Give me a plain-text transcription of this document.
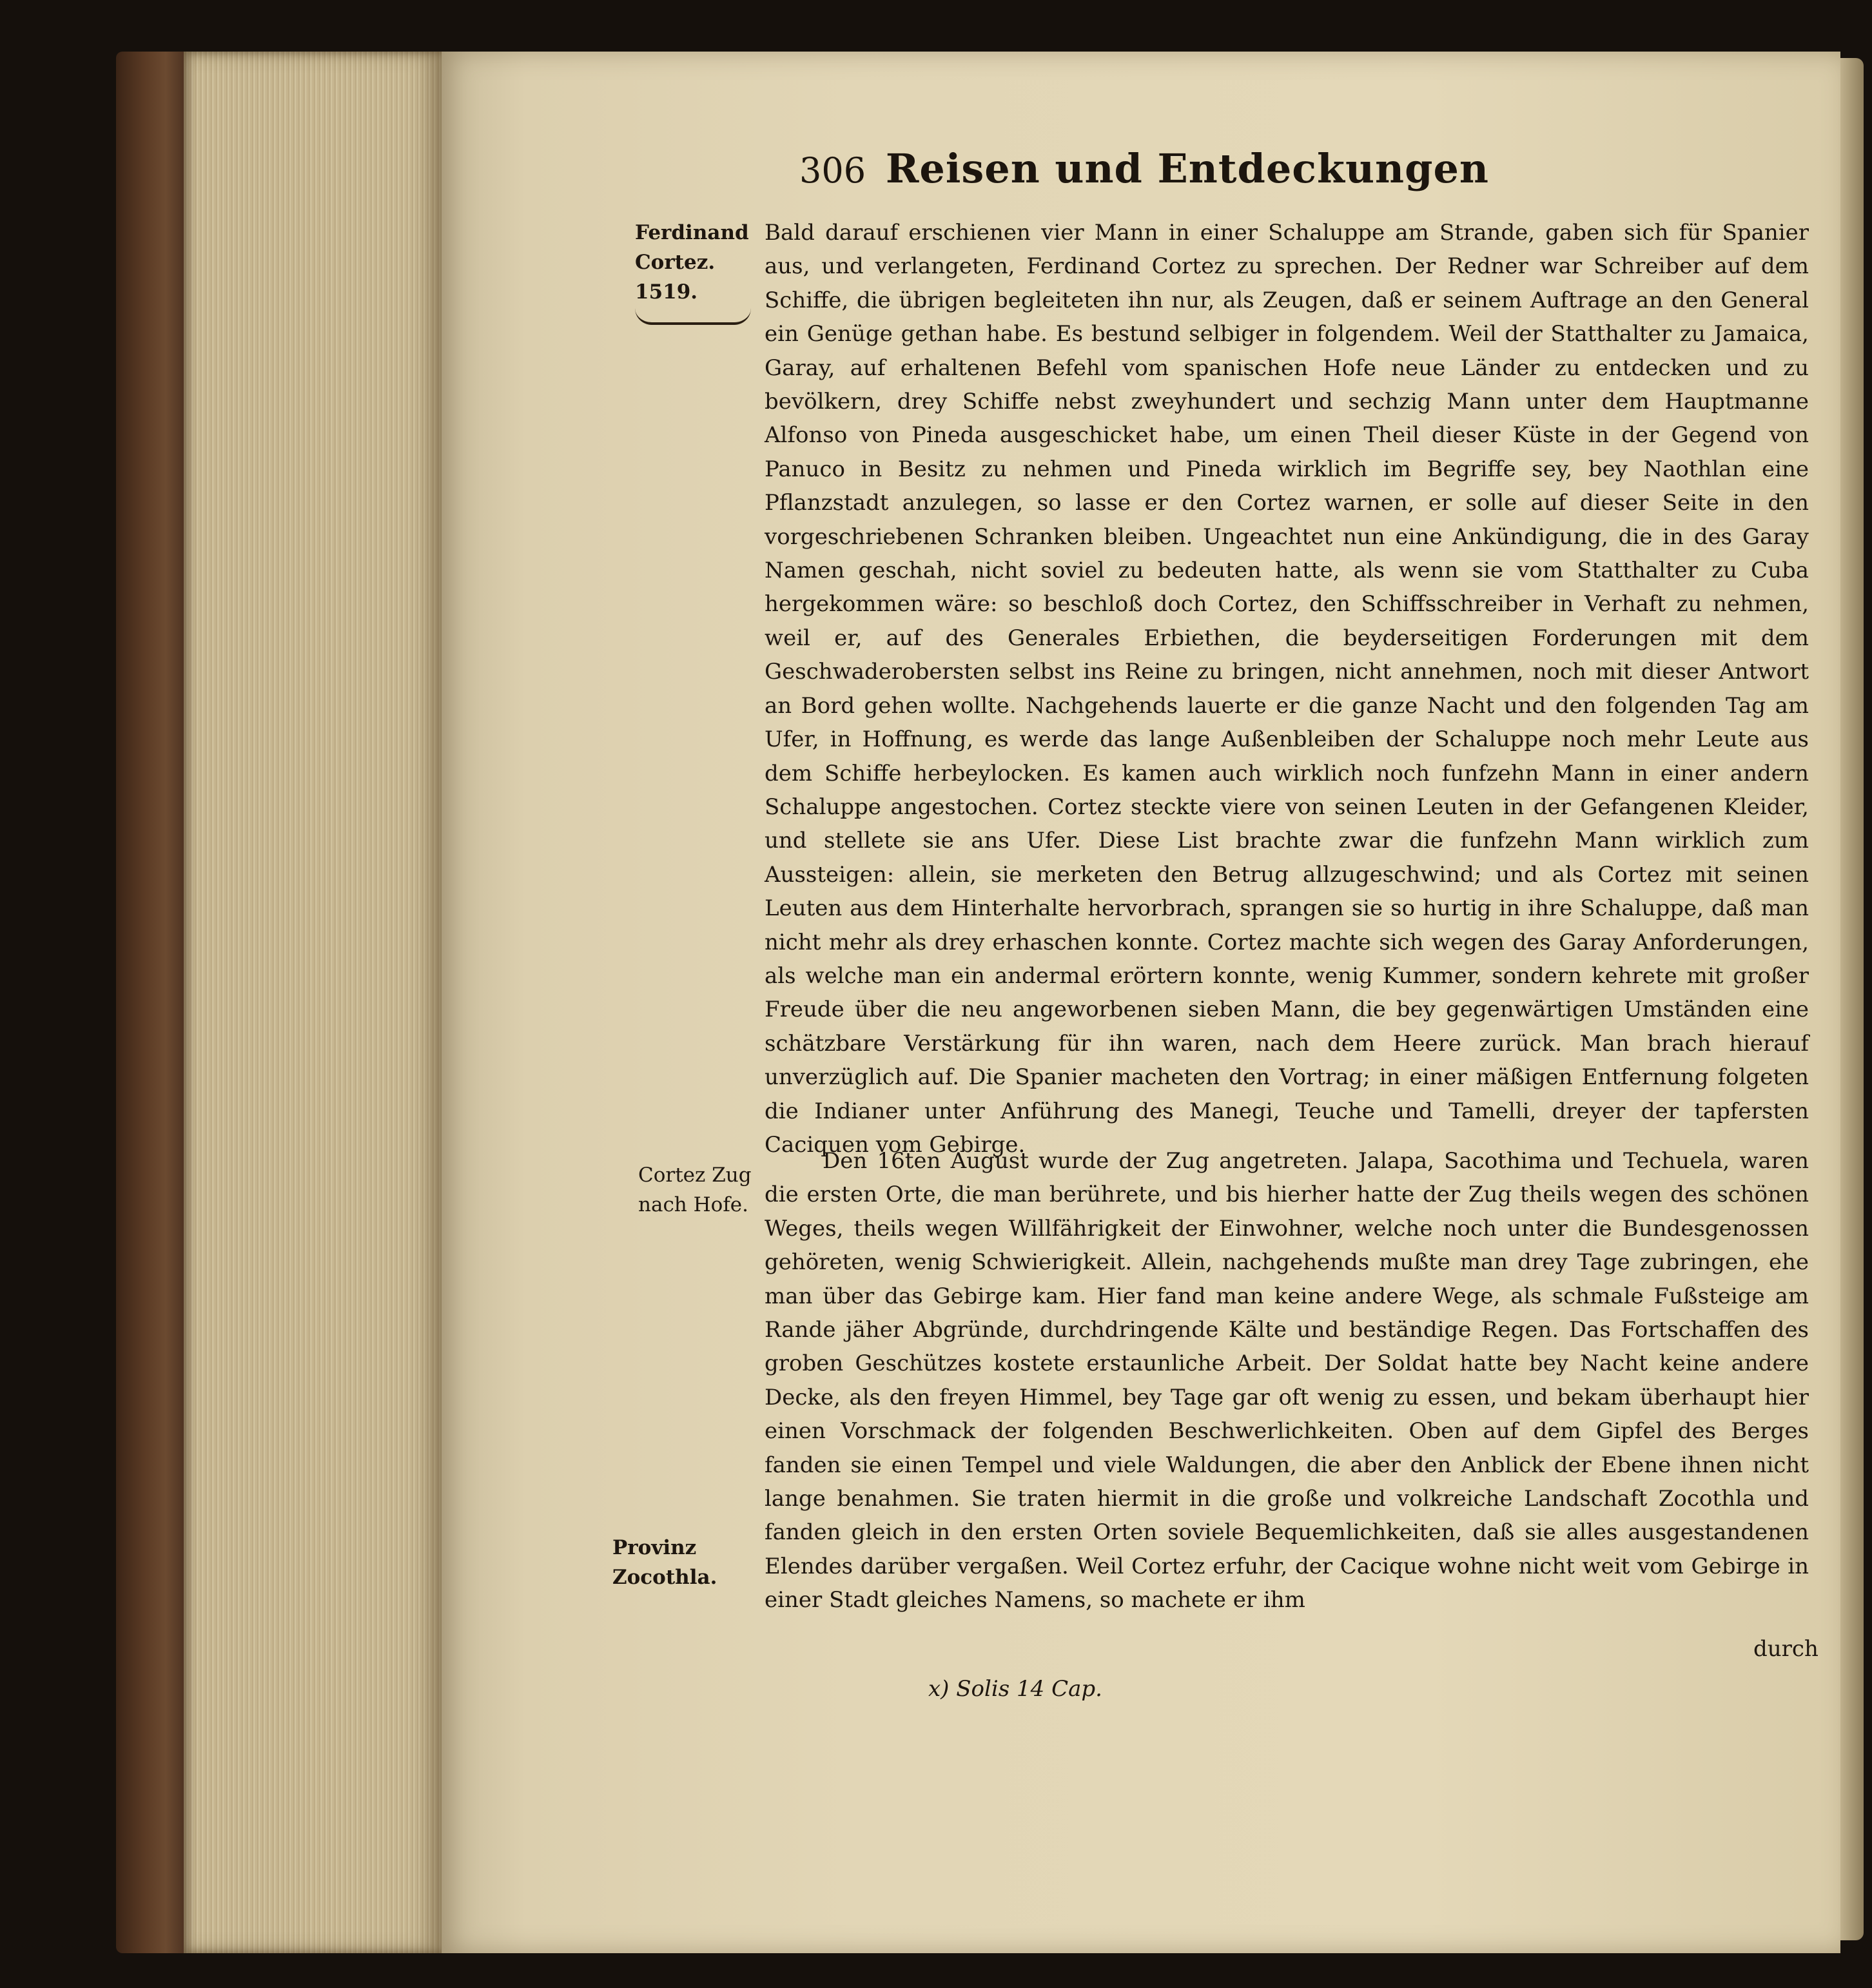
306 Reisen und Entdeckungen
Ferdinand Cortez. 1519.
Cortez Zug nach Hofe.
Provinz Zocothla.

Bald darauf erschienen vier Mann in einer Schaluppe am Strande, gaben sich für Spanier aus, und verlangeten, Ferdinand Cortez zu sprechen. Der Redner war Schreiber auf dem Schiffe, die übrigen begleiteten ihn nur, als Zeugen, daß er seinem Auftrage an den General ein Genüge gethan habe. Es bestund selbiger in folgendem. Weil der Statthalter zu Jamaica, Garay, auf erhaltenen Befehl vom spanischen Hofe neue Länder zu entdecken und zu bevölkern, drey Schiffe nebst zweyhundert und sechzig Mann unter dem Hauptmanne Alfonso von Pineda ausgeschicket habe, um einen Theil dieser Küste in der Gegend von Panuco in Besitz zu nehmen und Pineda wirklich im Begriffe sey, bey Naothlan eine Pflanzstadt anzulegen, so lasse er den Cortez warnen, er solle auf dieser Seite in den vorgeschriebenen Schranken bleiben. Ungeachtet nun eine Ankündigung, die in des Garay Namen geschah, nicht soviel zu bedeuten hatte, als wenn sie vom Statthalter zu Cuba hergekommen wäre: so beschloß doch Cortez, den Schiffsschreiber in Verhaft zu nehmen, weil er, auf des Generales Erbiethen, die beyderseitigen Forderungen mit dem Geschwaderobersten selbst ins Reine zu bringen, nicht annehmen, noch mit dieser Antwort an Bord gehen wollte. Nachgehends lauerte er die ganze Nacht und den folgenden Tag am Ufer, in Hoffnung, es werde das lange Außenbleiben der Schaluppe noch mehr Leute aus dem Schiffe herbeylocken. Es kamen auch wirklich noch funfzehn Mann in einer andern Schaluppe angestochen. Cortez steckte viere von seinen Leuten in der Gefangenen Kleider, und stellete sie ans Ufer. Diese List brachte zwar die funfzehn Mann wirklich zum Aussteigen: allein, sie merketen den Betrug allzugeschwind; und als Cortez mit seinen Leuten aus dem Hinterhalte hervorbrach, sprangen sie so hurtig in ihre Schaluppe, daß man nicht mehr als drey erhaschen konnte. Cortez machte sich wegen des Garay Anforderungen, als welche man ein andermal erörtern konnte, wenig Kummer, sondern kehrete mit großer Freude über die neu angeworbenen sieben Mann, die bey gegenwärtigen Umständen eine schätzbare Verstärkung für ihn waren, nach dem Heere zurück. Man brach hierauf unverzüglich auf. Die Spanier macheten den Vortrag; in einer mäßigen Entfernung folgeten die Indianer unter Anführung des Manegi, Teuche und Tamelli, dreyer der tapfersten Caciquen vom Gebirge.

Den 16ten August wurde der Zug angetreten. Jalapa, Sacothima und Techuela, waren die ersten Orte, die man berührete, und bis hierher hatte der Zug theils wegen des schönen Weges, theils wegen Willfährigkeit der Einwohner, welche noch unter die Bundesgenossen gehöreten, wenig Schwierigkeit. Allein, nachgehends mußte man drey Tage zubringen, ehe man über das Gebirge kam. Hier fand man keine andere Wege, als schmale Fußsteige am Rande jäher Abgründe, durchdringende Kälte und beständige Regen. Das Fortschaffen des groben Geschützes kostete erstaunliche Arbeit. Der Soldat hatte bey Nacht keine andere Decke, als den freyen Himmel, bey Tage gar oft wenig zu essen, und bekam überhaupt hier einen Vorschmack der folgenden Beschwerlichkeiten. Oben auf dem Gipfel des Berges fanden sie einen Tempel und viele Waldungen, die aber den Anblick der Ebene ihnen nicht lange benahmen. Sie traten hiermit in die große und volkreiche Landschaft Zocothla und fanden gleich in den ersten Orten soviele Bequemlichkeiten, daß sie alles ausgestandenen Elendes darüber vergaßen. Weil Cortez erfuhr, der Cacique wohne nicht weit vom Gebirge in einer Stadt gleiches Namens, so machete er ihm

durch
x) Solis 14 Cap.
